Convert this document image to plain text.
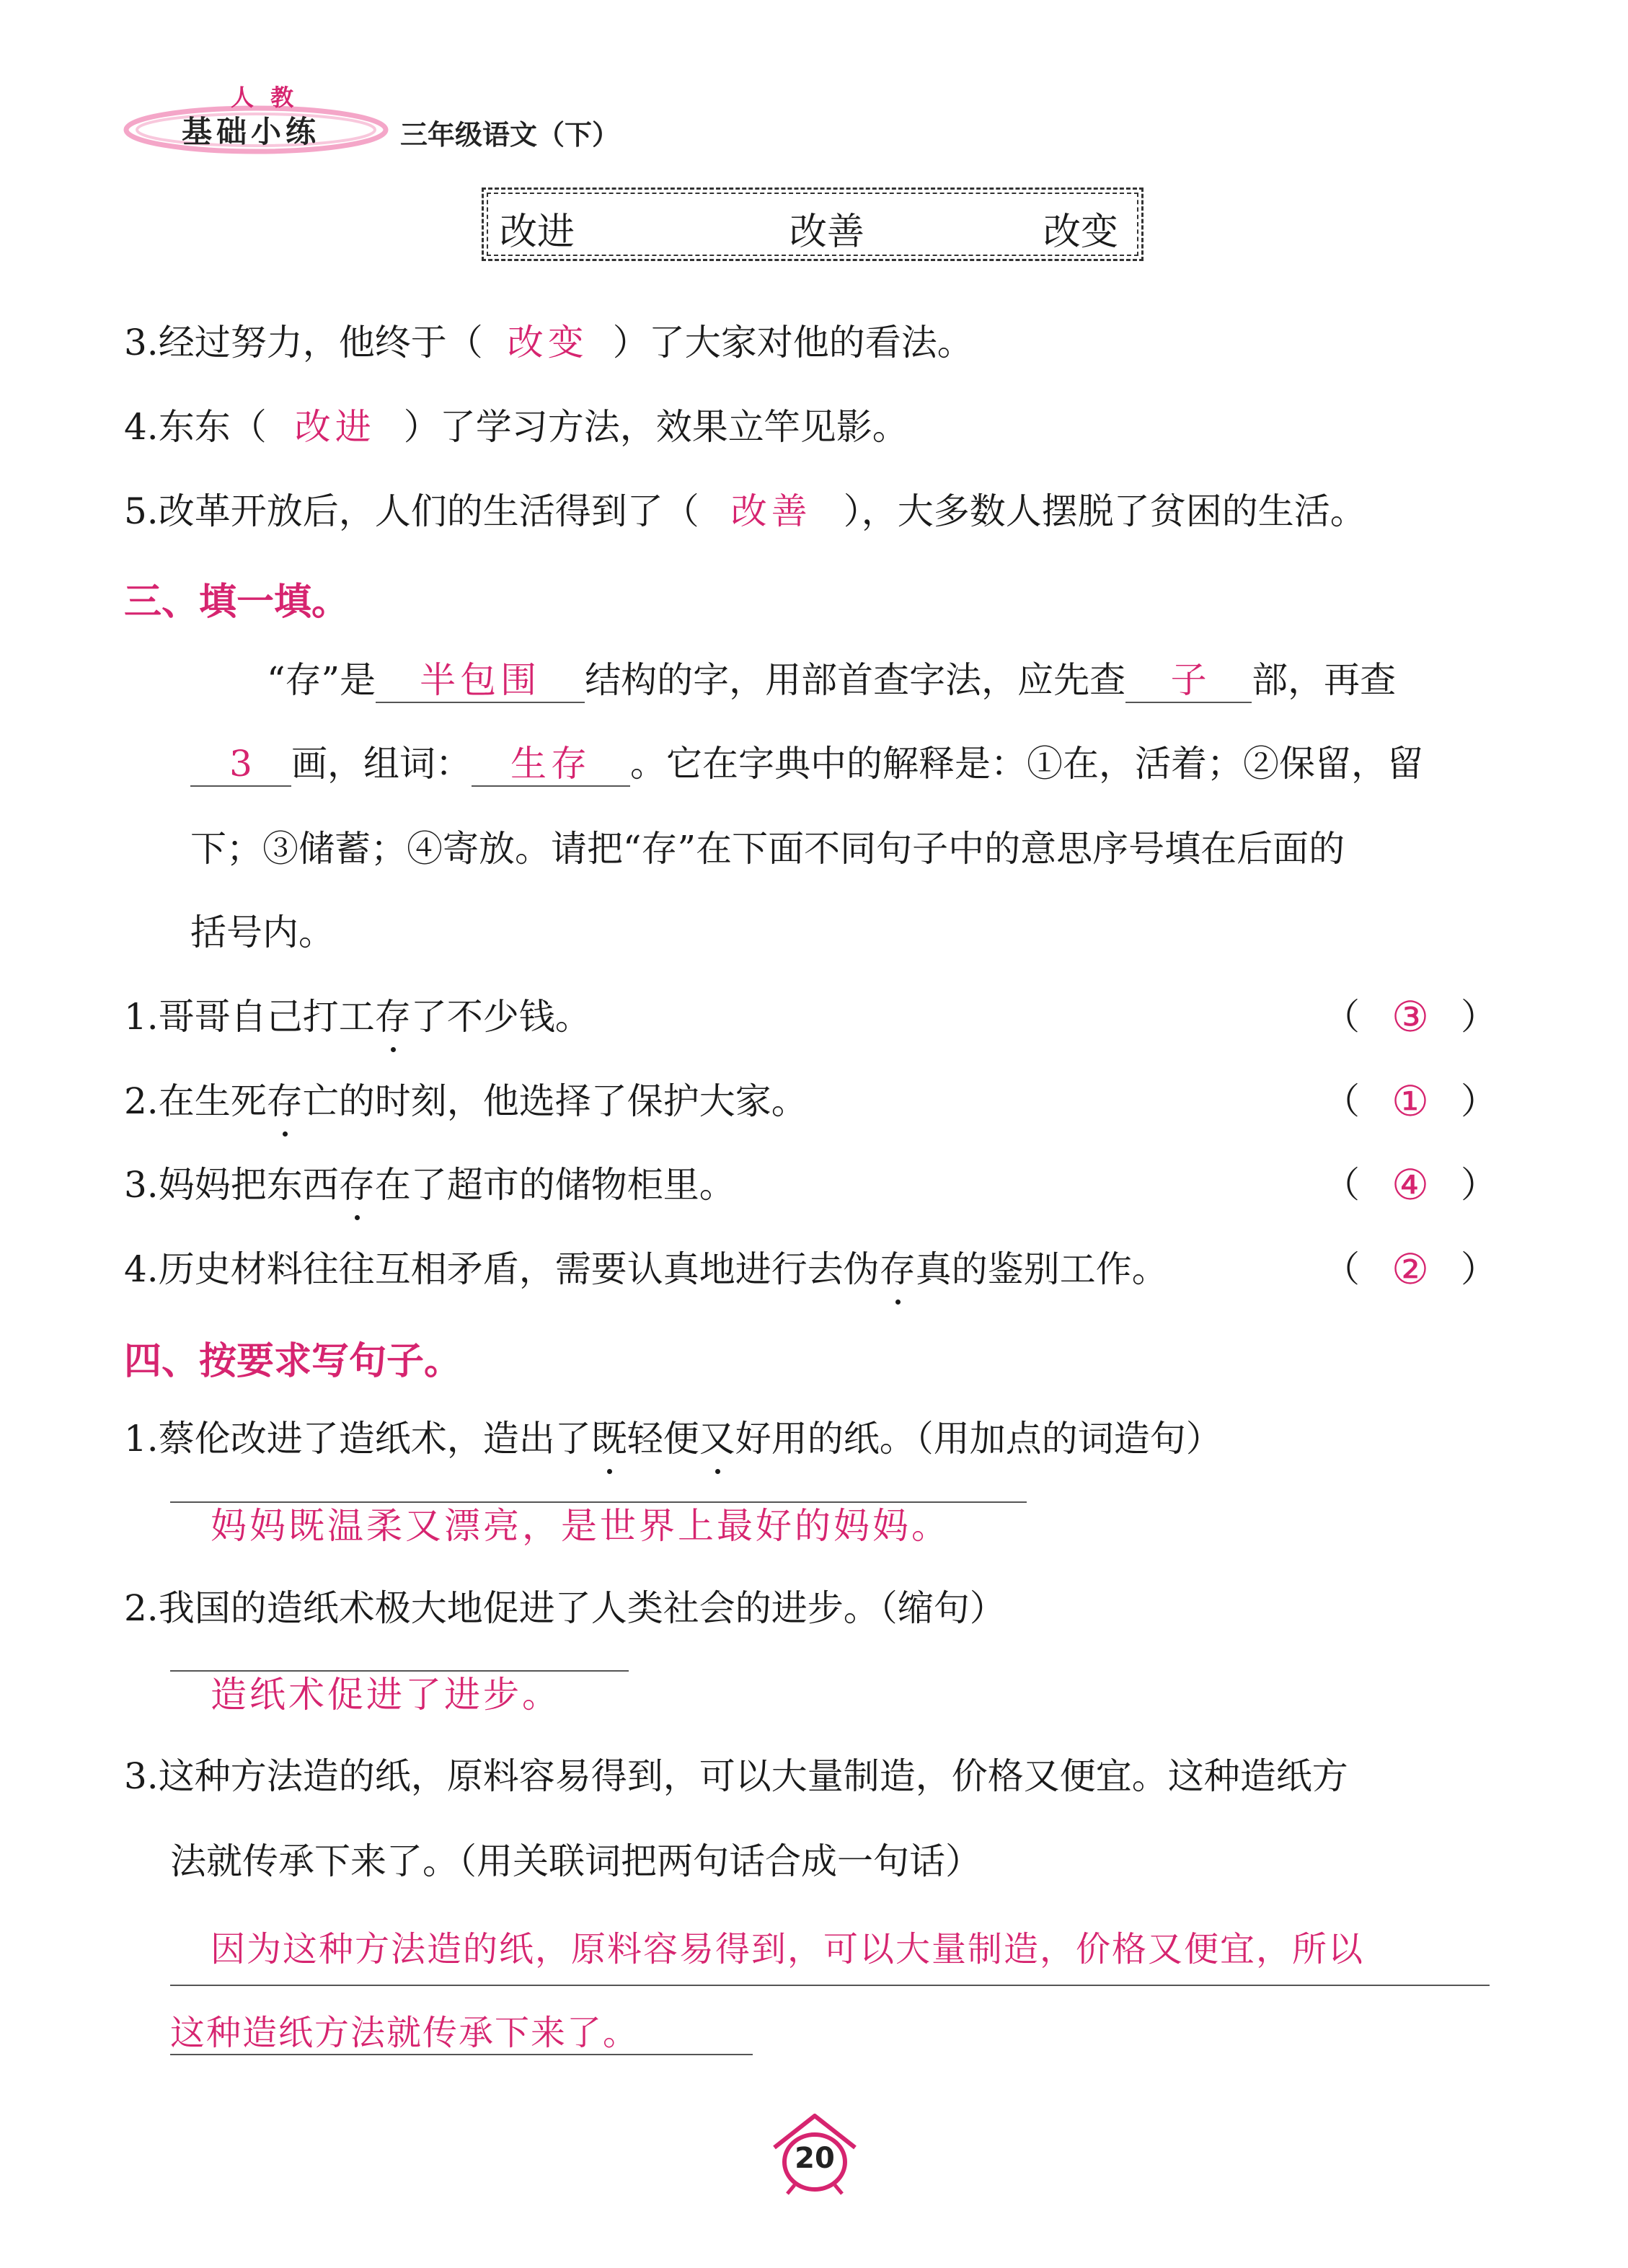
人 教
基础小练	三年级语文（下）
改进	改善	改变
3.经过努力，他终于（ 改变 ）了大家对他的看法。
4.东东（ 改进 ）了学习方法，效果立竿见影。
5.改革开放后，人们的生活得到了（ 改善 ），大多数人摆脱了贫困的生活。
三、填一填。
“存”是 半包围 结构的字，用部首查字法，应先查 子 部，再查
3 画，组词： 生存 。它在字典中的解释是：①在，活着；②保留，留
下；③储蓄；④寄放。请把“存”在下面不同句子中的意思序号填在后面的
括号内。
1.哥哥自己打工存了不少钱。	（ ③ ）
2.在生死存亡的时刻，他选择了保护大家。	（ ① ）
3.妈妈把东西存在了超市的储物柜里。	（ ④ ）
4.历史材料往往互相矛盾，需要认真地进行去伪存真的鉴别工作。	（ ② ）
四、按要求写句子。
1.蔡伦改进了造纸术，造出了既轻便又好用的纸。（用加点的词造句）
妈妈既温柔又漂亮，是世界上最好的妈妈。
2.我国的造纸术极大地促进了人类社会的进步。（缩句）
造纸术促进了进步。
3.这种方法造的纸，原料容易得到，可以大量制造，价格又便宜。这种造纸方
法就传承下来了。（用关联词把两句话合成一句话）
因为这种方法造的纸，原料容易得到，可以大量制造，价格又便宜，所以
这种造纸方法就传承下来了。
20
